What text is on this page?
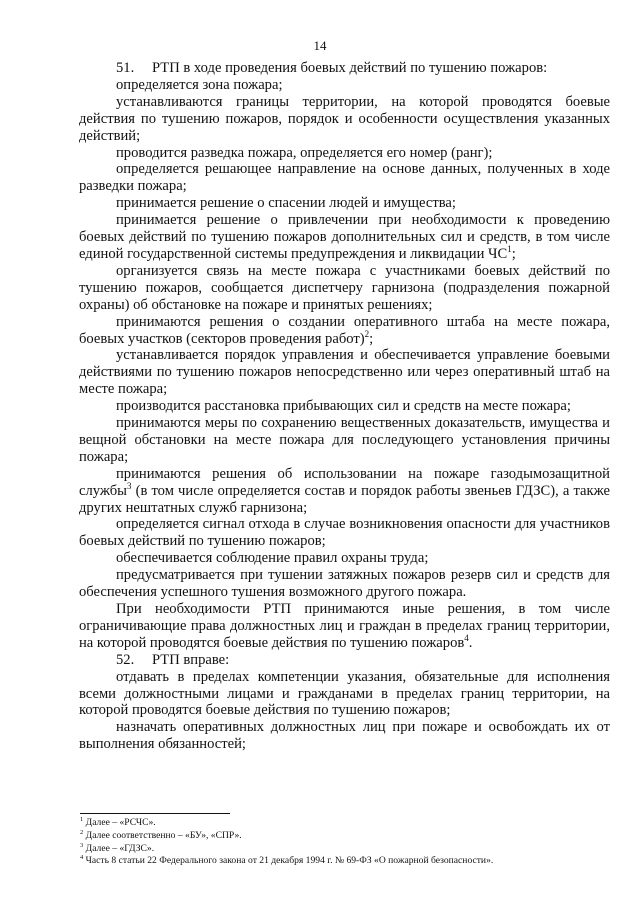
14

51. РТП в ходе проведения боевых действий по тушению пожаров:

определяется зона пожара;

устанавливаются границы территории, на которой проводятся боевые действия по тушению пожаров, порядок и особенности осуществления указанных действий;

проводится разведка пожара, определяется его номер (ранг);

определяется решающее направление на основе данных, полученных в ходе разведки пожара;

принимается решение о спасении людей и имущества;

принимается решение о привлечении при необходимости к проведению боевых действий по тушению пожаров дополнительных сил и средств, в том числе единой государственной системы предупреждения и ликвидации $ЧС^1$;

организуется связь на месте пожара с участниками боевых действий по тушению пожаров, сообщается диспетчеру гарнизона (подразделения пожарной охраны) об обстановке на пожаре и принятых решениях;

принимаются решения о создании оперативного штаба на месте пожара, боевых участков (секторов проведения работ)$^2$;

устанавливается порядок управления и обеспечивается управление боевыми действиями по тушению пожаров непосредственно или через оперативный штаб на месте пожара;

производится расстановка прибывающих сил и средств на месте пожара;

принимаются меры по сохранению вещественных доказательств, имущества и вещной обстановки на месте пожара для последующего установления причины пожара;

принимаются решения об использовании на пожаре газодымозащитной службы$^3$ (в том числе определяется состав и порядок работы звеньев ГДЗС), а также других нештатных служб гарнизона;

определяется сигнал отхода в случае возникновения опасности для участников боевых действий по тушению пожаров;

обеспечивается соблюдение правил охраны труда;

предусматривается при тушении затяжных пожаров резерв сил и средств для обеспечения успешного тушения возможного другого пожара.

При необходимости РТП принимаются иные решения, в том числе ограничивающие права должностных лиц и граждан в пределах границ территории, на которой проводятся боевые действия по тушению пожаров$^4$.

52. РТП вправе:

отдавать в пределах компетенции указания, обязательные для исполнения всеми должностными лицами и гражданами в пределах границ территории, на которой проводятся боевые действия по тушению пожаров;

назначать оперативных должностных лиц при пожаре и освобождать их от выполнения обязанностей;

$^1$ Далее – «РСЧС».
$^2$ Далее соответственно – «БУ», «СПР».
$^3$ Далее – «ГДЗС».
$^4$ Часть 8 статьи 22 Федерального закона от 21 декабря 1994 г. № 69-ФЗ «О пожарной безопасности».
